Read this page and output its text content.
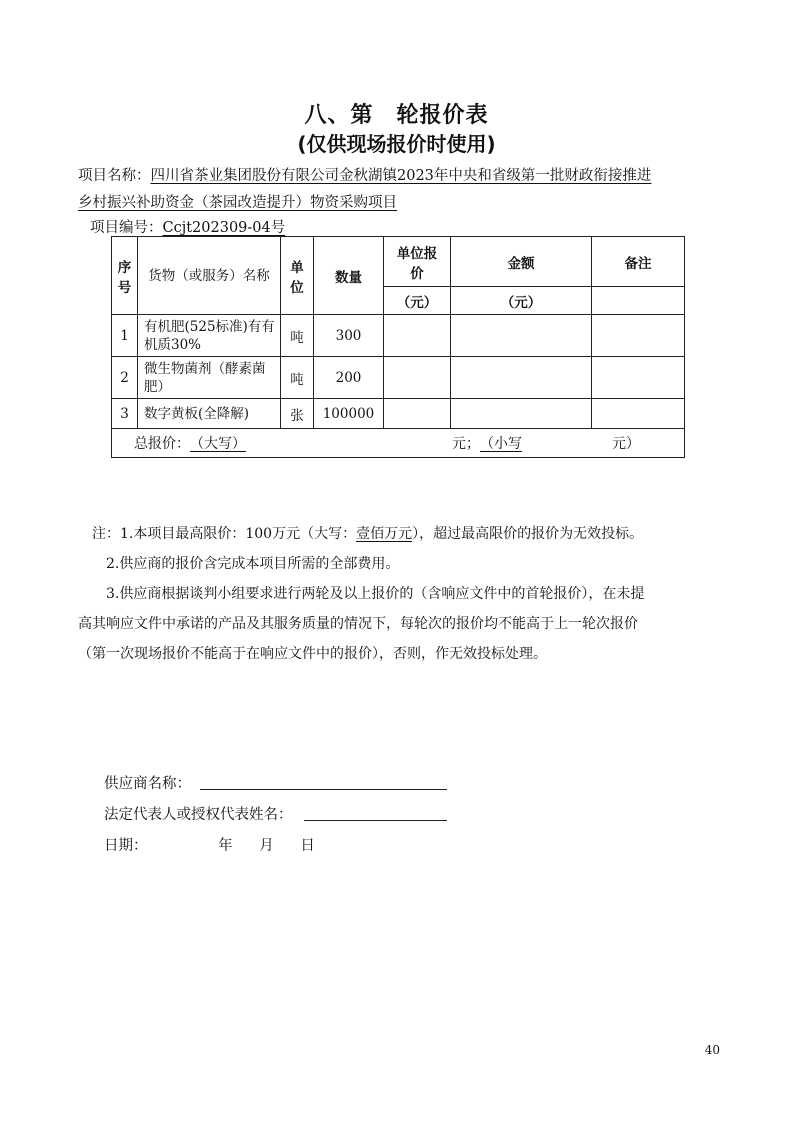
八、第　轮报价表
(仅供现场报价时使用)
项目名称：四川省茶业集团股份有限公司金秋湖镇2023年中央和省级第一批财政衔接推进
乡村振兴补助资金（茶园改造提升）物资采购项目
项目编号：Ccjt202309-04号
序号	货物（或服务）名称	单位	数量	单位报价	金额	备注
				（元）	（元）	
1	有机肥(525标准)有有机质30%	吨	300			
2	微生物菌剂（酵素菌肥）	吨	200			
3	数字黄板(全降解)	张	100000			
总报价：（大写） 元；（小写 元）						
注：1.本项目最高限价：100万元（大写：壹佰万元），超过最高限价的报价为无效投标。
2.供应商的报价含完成本项目所需的全部费用。
3.供应商根据谈判小组要求进行两轮及以上报价的（含响应文件中的首轮报价），在未提
高其响应文件中承诺的产品及其服务质量的情况下，每轮次的报价均不能高于上一轮次报价
（第一次现场报价不能高于在响应文件中的报价），否则，作无效投标处理。
供应商名称：
法定代表人或授权代表姓名：
日期：	年 月 日
40
